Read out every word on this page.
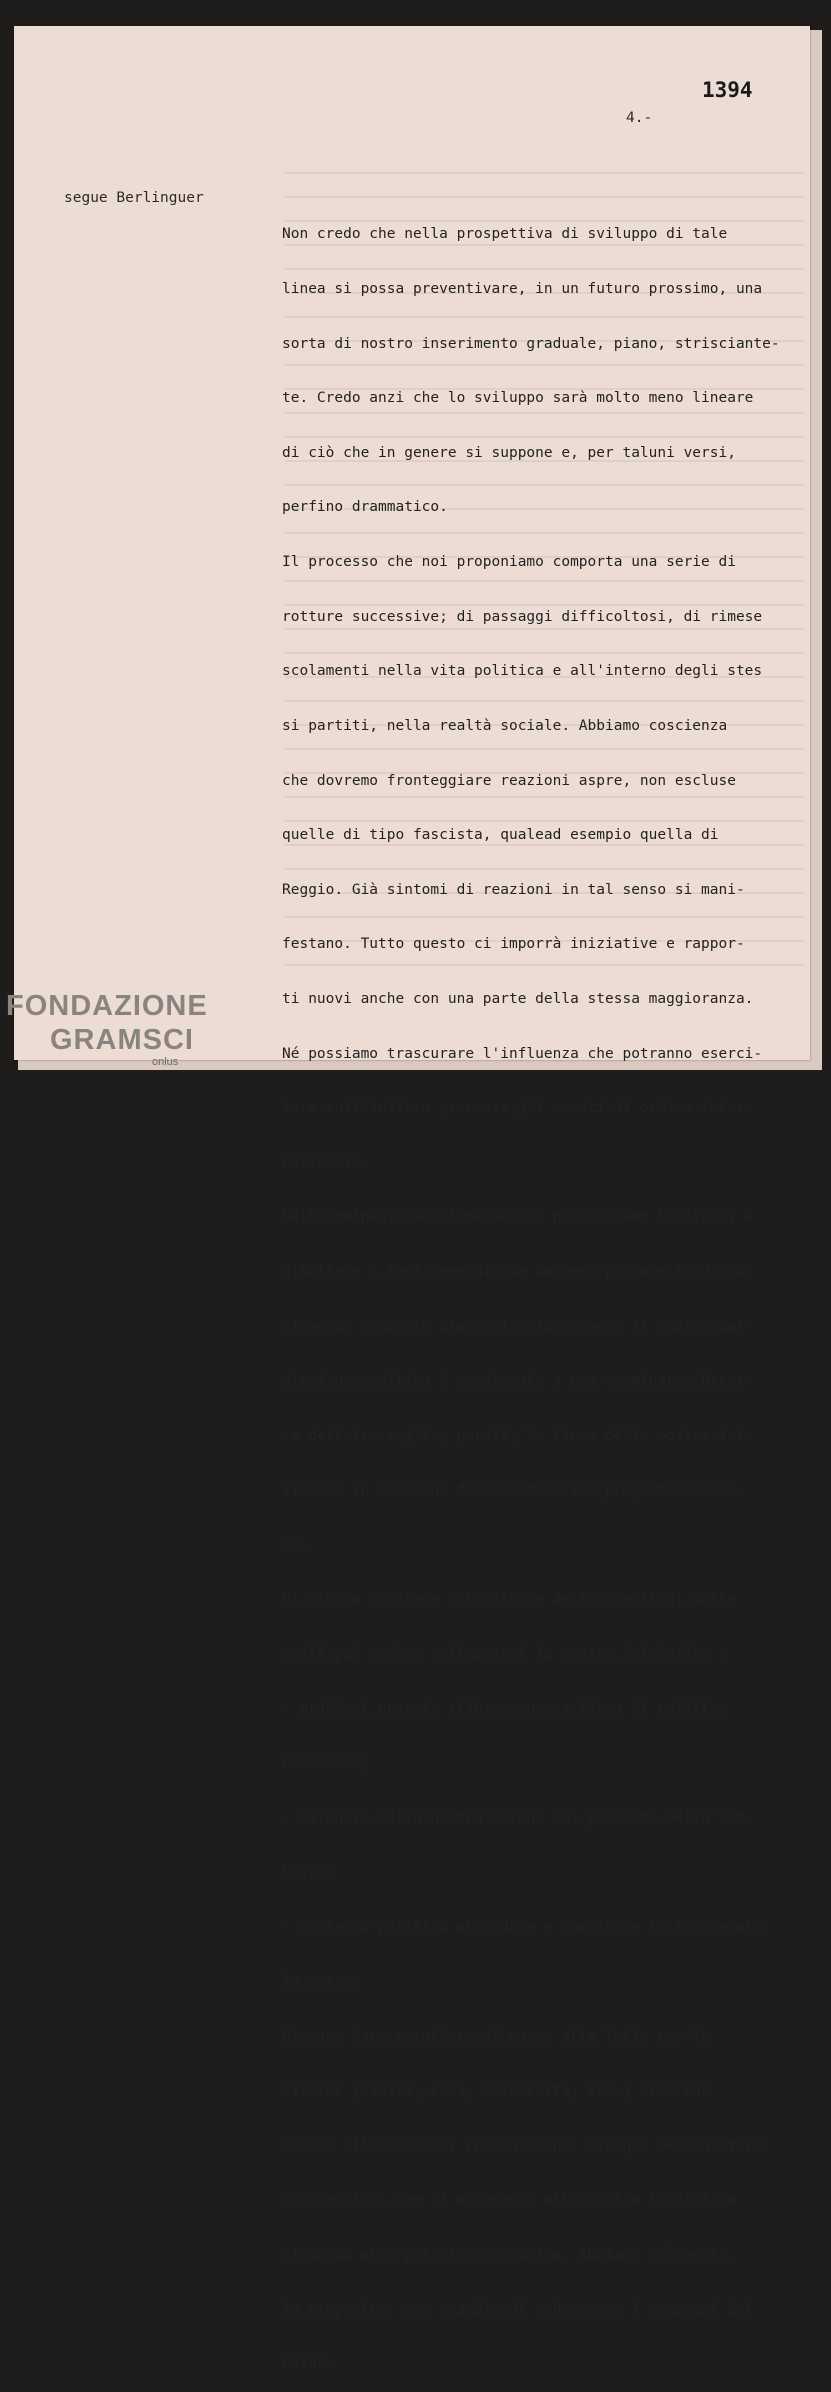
1394
4.-
segue Berlinguer

Non credo che nella prospettiva di sviluppo di tale

linea si possa preventivare, in un futuro prossimo, una

sorta di nostro inserimento graduale, piano, strisciante-

te. Credo anzi che lo sviluppo sarà molto meno lineare

di ciò che in genere si suppone e, per taluni versi,

perfino drammatico.

Il processo che noi proponiamo comporta una serie di

rotture successive; di passaggi difficoltosi, di rimese

scolamenti nella vita politica e all'interno degli stes

si partiti, nella realtà sociale. Abbiamo coscienza

che dovremo fronteggiare reazioni aspre, non escluse

quelle di tipo fascista, qualead esempio quella di

Reggio. Già sintomi di reazioni in tal senso si mani-

festano. Tutto questo ci imporrà iniziative e rappor-

ti nuovi anche con una parte della stessa maggioranza.

Né possiamo trascurare l'influenza che potranno eserci-

tare sull'intiero processo gli eventi di ordine inter-

nazionale.

Nell'imminente sessione del CC non dovremo limitarci a

dibattere i temi generali ma dovremo portare in discus

sione un concreto piano di azione senza il quale qual-

siasi prospettiva è condannata a non camminare. Occor-

re definire meglio, perciò, le linee delle nostre ini-

ziative in modo che da esse derivino proposte concre-

te.

Mi limito a citare solo alcune delle questioni sulle

quali può e deve svilupparsi la nostra iniziativa :

- problemi operai, riforme, nuova linea di politica

economica;

- rilancio della nostra azione sui problemi della fab-

brica;

- sostegno politico alle dure e complesse lotte operaie

in corso;

Bisogna dare carattere di massa alla lotta per le

riforme (sanità, casa, università, ecc.) cioè uno

sbocco alle tensioni che maturano, bisogna ben valutare

le questioni che si attengono alla nostra iniziativa

riguardo alla politica economica. Abbiamo già avuto,

in proposito, uno scambio di vedute con i compagni del

PSIUP.

FONDAZIONE
GRAMSCI
onlus
